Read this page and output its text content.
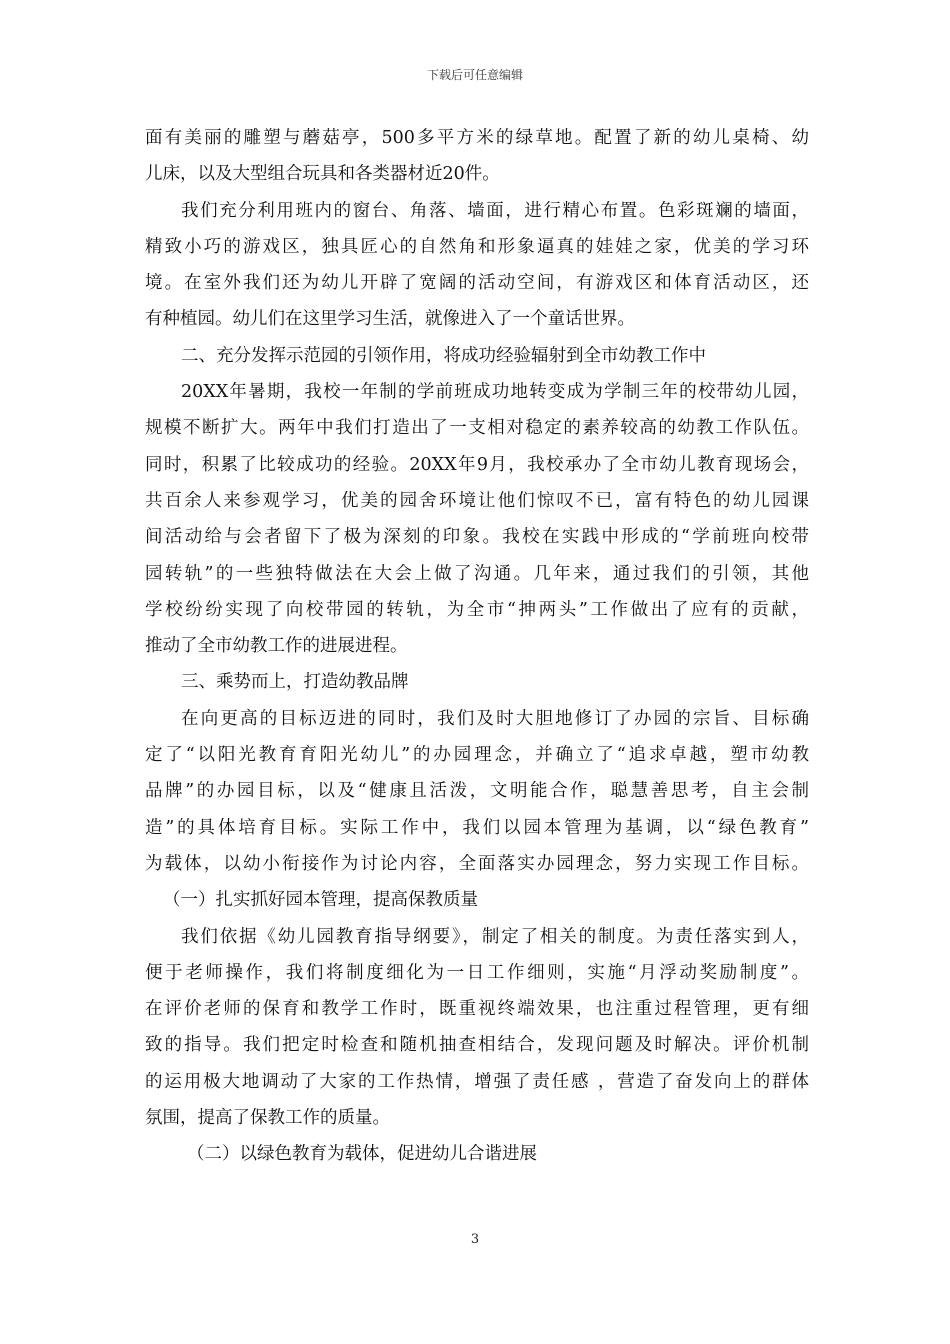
下载后可任意编辑
面有美丽的雕塑与蘑菇亭，500多平方米的绿草地。配置了新的幼儿桌椅、幼
儿床，以及大型组合玩具和各类器材近20件。
我们充分利用班内的窗台、角落、墙面，进行精心布置。色彩斑斓的墙面，
精致小巧的游戏区，独具匠心的自然角和形象逼真的娃娃之家，优美的学习环
境。在室外我们还为幼儿开辟了宽阔的活动空间，有游戏区和体育活动区，还
有种植园。幼儿们在这里学习生活，就像进入了一个童话世界。
二、充分发挥示范园的引领作用，将成功经验辐射到全市幼教工作中
20XX年暑期，我校一年制的学前班成功地转变成为学制三年的校带幼儿园，
规模不断扩大。两年中我们打造出了一支相对稳定的素养较高的幼教工作队伍。
同时，积累了比较成功的经验。20XX年9月，我校承办了全市幼儿教育现场会，
共百余人来参观学习，优美的园舍环境让他们惊叹不已，富有特色的幼儿园课
间活动给与会者留下了极为深刻的印象。我校在实践中形成的“学前班向校带
园转轨”的一些独特做法在大会上做了沟通。几年来，通过我们的引领，其他
学校纷纷实现了向校带园的转轨，为全市“抻两头”工作做出了应有的贡献，
推动了全市幼教工作的进展进程。
三、乘势而上，打造幼教品牌
在向更高的目标迈进的同时，我们及时大胆地修订了办园的宗旨、目标确
定了“以阳光教育育阳光幼儿”的办园理念，并确立了“追求卓越，塑市幼教
品牌”的办园目标，以及“健康且活泼，文明能合作，聪慧善思考，自主会制
造”的具体培育目标。实际工作中，我们以园本管理为基调，以“绿色教育”
为载体，以幼小衔接作为讨论内容，全面落实办园理念，努力实现工作目标。
（一）扎实抓好园本管理，提高保教质量
我们依据《幼儿园教育指导纲要》，制定了相关的制度。为责任落实到人，
便于老师操作，我们将制度细化为一日工作细则，实施“月浮动奖励制度”。
在评价老师的保育和教学工作时，既重视终端效果，也注重过程管理，更有细
致的指导。我们把定时检查和随机抽查相结合，发现问题及时解决。评价机制
的运用极大地调动了大家的工作热情，增强了责任感 ，营造了奋发向上的群体
氛围，提高了保教工作的质量。
（二）以绿色教育为载体，促进幼儿合谐进展
3
